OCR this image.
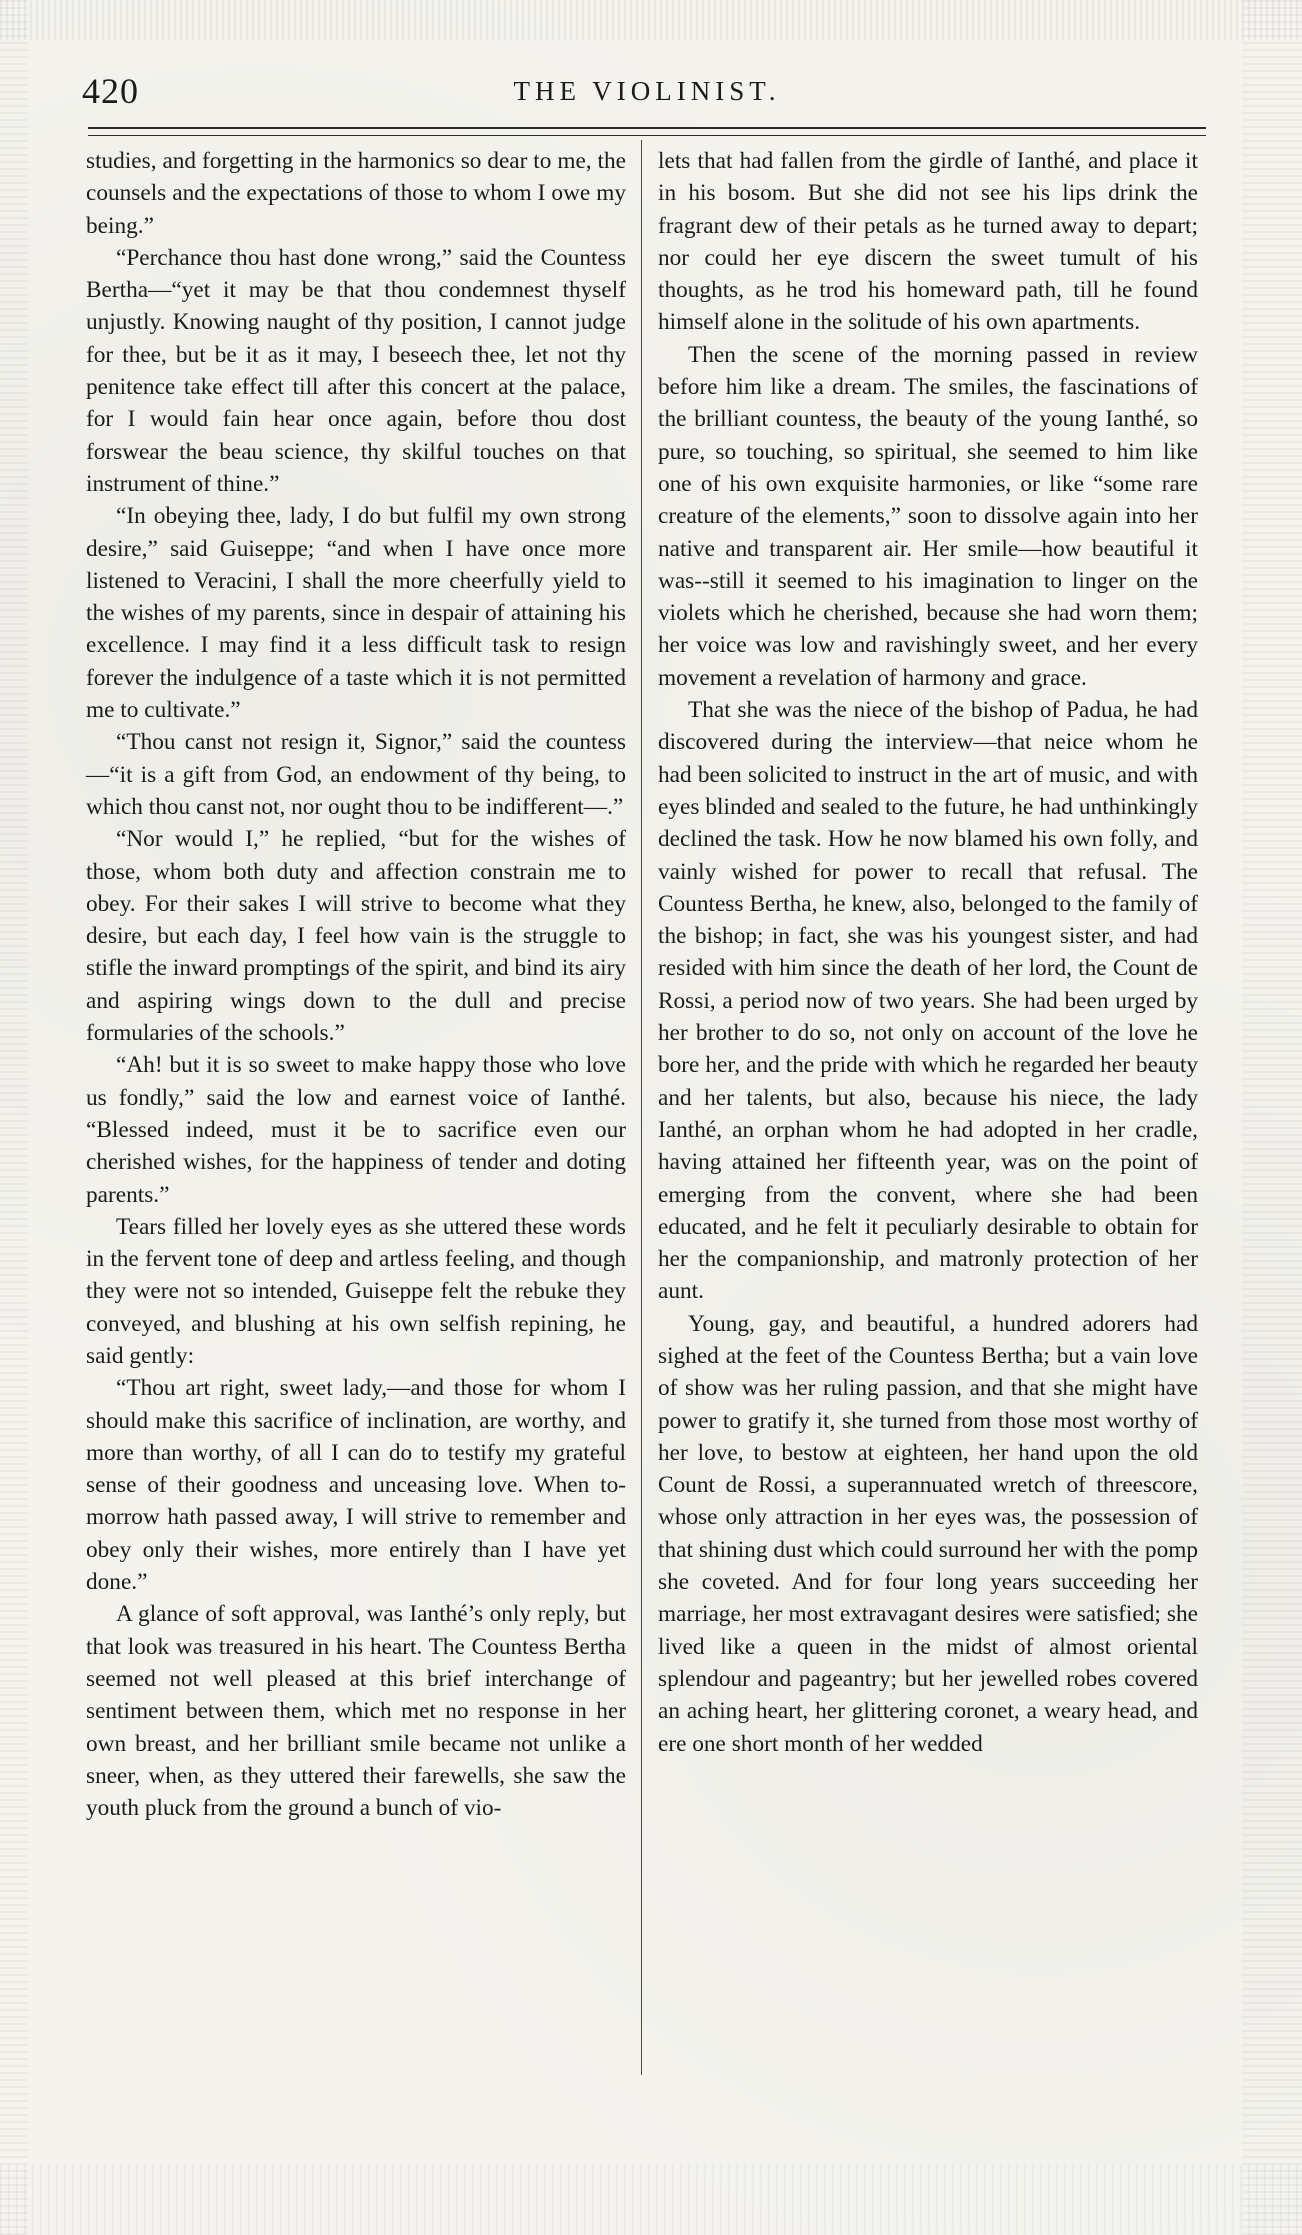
420	THE VIOLINIST.

studies, and forgetting in the harmonics so dear to me, the counsels and the expectations of those to whom I owe my being.”

“Perchance thou hast done wrong,” said the Countess Bertha—“yet it may be that thou condemnest thyself unjustly. Knowing naught of thy position, I cannot judge for thee, but be it as it may, I beseech thee, let not thy penitence take effect till after this concert at the palace, for I would fain hear once again, before thou dost forswear the beau science, thy skilful touches on that instrument of thine.”

“In obeying thee, lady, I do but fulfil my own strong desire,” said Guiseppe; “and when I have once more listened to Veracini, I shall the more cheerfully yield to the wishes of my parents, since in despair of attaining his excellence. I may find it a less difficult task to resign forever the indulgence of a taste which it is not permitted me to cultivate.”

“Thou canst not resign it, Signor,” said the countess—“it is a gift from God, an endowment of thy being, to which thou canst not, nor ought thou to be indifferent—.”

“Nor would I,” he replied, “but for the wishes of those, whom both duty and affection constrain me to obey. For their sakes I will strive to become what they desire, but each day, I feel how vain is the struggle to stifle the inward promptings of the spirit, and bind its airy and aspiring wings down to the dull and precise formularies of the schools.”

“Ah! but it is so sweet to make happy those who love us fondly,” said the low and earnest voice of Ianthé. “Blessed indeed, must it be to sacrifice even our cherished wishes, for the happiness of tender and doting parents.”

Tears filled her lovely eyes as she uttered these words in the fervent tone of deep and artless feeling, and though they were not so intended, Guiseppe felt the rebuke they conveyed, and blushing at his own selfish repining, he said gently:

“Thou art right, sweet lady,—and those for whom I should make this sacrifice of inclination, are worthy, and more than worthy, of all I can do to testify my grateful sense of their goodness and unceasing love. When to-morrow hath passed away, I will strive to remember and obey only their wishes, more entirely than I have yet done.”

A glance of soft approval, was Ianthé’s only reply, but that look was treasured in his heart. The Countess Bertha seemed not well pleased at this brief interchange of sentiment between them, which met no response in her own breast, and her brilliant smile became not unlike a sneer, when, as they uttered their farewells, she saw the youth pluck from the ground a bunch of vio-

lets that had fallen from the girdle of Ianthé, and place it in his bosom. But she did not see his lips drink the fragrant dew of their petals as he turned away to depart; nor could her eye discern the sweet tumult of his thoughts, as he trod his homeward path, till he found himself alone in the solitude of his own apartments.

Then the scene of the morning passed in review before him like a dream. The smiles, the fascinations of the brilliant countess, the beauty of the young Ianthé, so pure, so touching, so spiritual, she seemed to him like one of his own exquisite harmonies, or like “some rare creature of the elements,” soon to dissolve again into her native and transparent air. Her smile—how beautiful it was--still it seemed to his imagination to linger on the violets which he cherished, because she had worn them; her voice was low and ravishingly sweet, and her every movement a revelation of harmony and grace.

That she was the niece of the bishop of Padua, he had discovered during the interview—that neice whom he had been solicited to instruct in the art of music, and with eyes blinded and sealed to the future, he had unthinkingly declined the task. How he now blamed his own folly, and vainly wished for power to recall that refusal. The Countess Bertha, he knew, also, belonged to the family of the bishop; in fact, she was his youngest sister, and had resided with him since the death of her lord, the Count de Rossi, a period now of two years. She had been urged by her brother to do so, not only on account of the love he bore her, and the pride with which he regarded her beauty and her talents, but also, because his niece, the lady Ianthé, an orphan whom he had adopted in her cradle, having attained her fifteenth year, was on the point of emerging from the convent, where she had been educated, and he felt it peculiarly desirable to obtain for her the companionship, and matronly protection of her aunt.

Young, gay, and beautiful, a hundred adorers had sighed at the feet of the Countess Bertha; but a vain love of show was her ruling passion, and that she might have power to gratify it, she turned from those most worthy of her love, to bestow at eighteen, her hand upon the old Count de Rossi, a superannuated wretch of threescore, whose only attraction in her eyes was, the possession of that shining dust which could surround her with the pomp she coveted. And for four long years succeeding her marriage, her most extravagant desires were satisfied; she lived like a queen in the midst of almost oriental splendour and pageantry; but her jewelled robes covered an aching heart, her glittering coronet, a weary head, and ere one short month of her wedded
